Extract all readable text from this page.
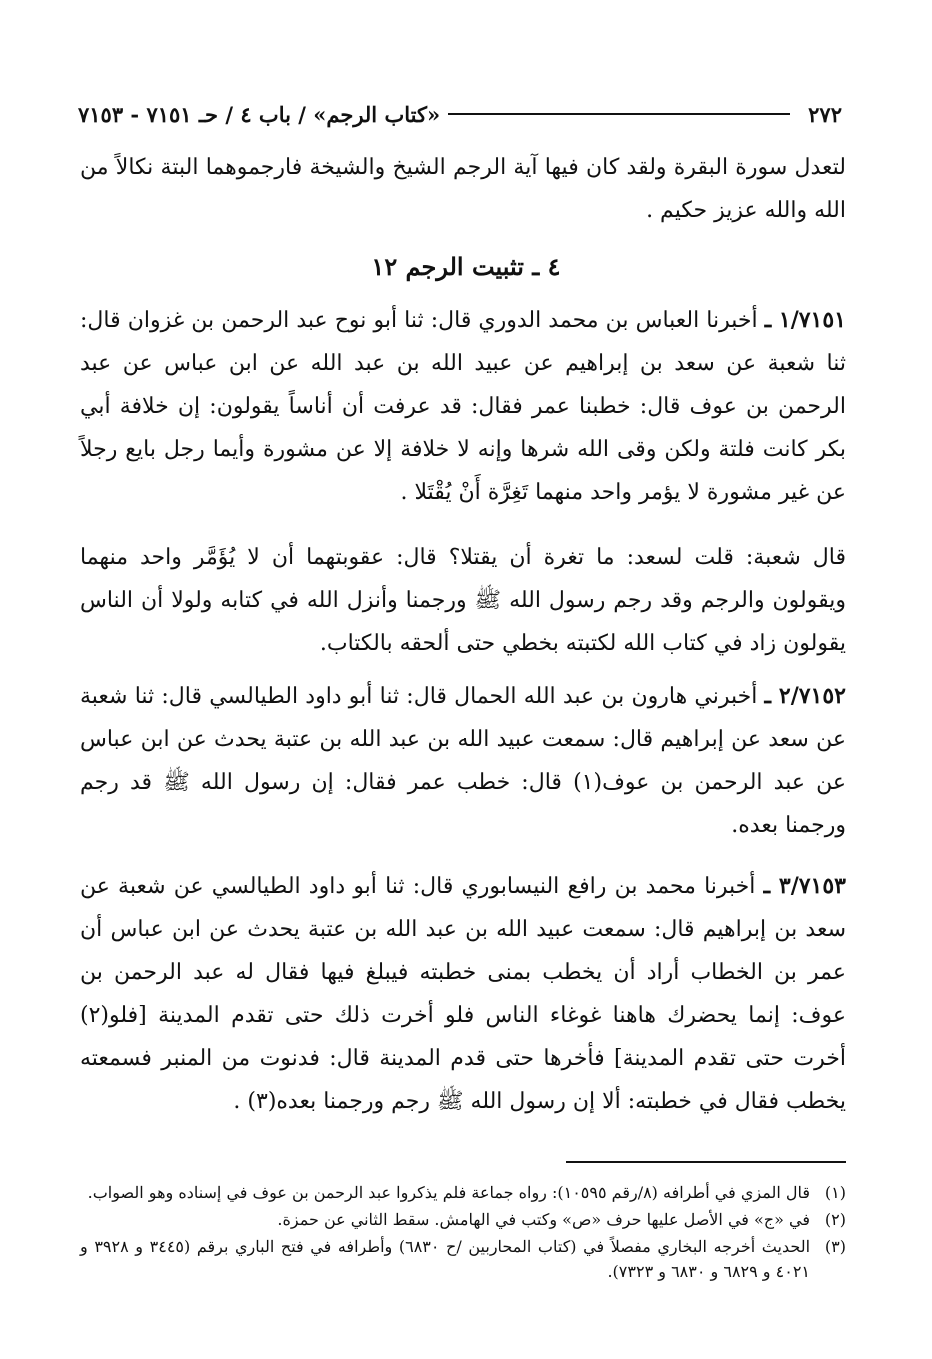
٢٧٢
«كتاب الرجم» / باب ٤ / حـ ٧١٥١ - ٧١٥٣

لتعدل سورة البقرة ولقد كان فيها آية الرجم الشيخ والشيخة فارجموهما البتة نكالاً من الله والله عزيز حكيم .

٤ ـ تثبيت الرجم ١٢

١/٧١٥١ ـ أخبرنا العباس بن محمد الدوري قال: ثنا أبو نوح عبد الرحمن بن غزوان قال: ثنا شعبة عن سعد بن إبراهيم عن عبيد الله بن عبد الله عن ابن عباس عن عبد الرحمن بن عوف قال: خطبنا عمر فقال: قد عرفت أن أناساً يقولون: إن خلافة أبي بكر كانت فلتة ولكن وقى الله شرها وإنه لا خلافة إلا عن مشورة وأيما رجل بايع رجلاً عن غير مشورة لا يؤمر واحد منهما تَغِرَّة أَنْ يُقْتَلا .

قال شعبة: قلت لسعد: ما تغرة أن يقتلا؟ قال: عقوبتهما أن لا يُؤَمَّر واحد منهما ويقولون والرجم وقد رجم رسول الله ﷺ ورجمنا وأنزل الله في كتابه ولولا أن الناس يقولون زاد في كتاب الله لكتبته بخطي حتى ألحقه بالكتاب.

٢/٧١٥٢ ـ أخبرني هارون بن عبد الله الحمال قال: ثنا أبو داود الطيالسي قال: ثنا شعبة عن سعد عن إبراهيم قال: سمعت عبيد الله بن عبد الله بن عتبة يحدث عن ابن عباس عن عبد الرحمن بن عوف(١) قال: خطب عمر فقال: إن رسول الله ﷺ قد رجم ورجمنا بعده.

٣/٧١٥٣ ـ أخبرنا محمد بن رافع النيسابوري قال: ثنا أبو داود الطيالسي عن شعبة عن سعد بن إبراهيم قال: سمعت عبيد الله بن عبد الله بن عتبة يحدث عن ابن عباس أن عمر بن الخطاب أراد أن يخطب بمنى خطبته فيبلغ فيها فقال له عبد الرحمن بن عوف: إنما يحضرك هاهنا غوغاء الناس فلو أخرت ذلك حتى تقدم المدينة [فلو(٢) أخرت حتى تقدم المدينة] فأخرها حتى قدم المدينة قال: فدنوت من المنبر فسمعته يخطب فقال في خطبته: ألا إن رسول الله ﷺ رجم ورجمنا بعده(٣) .

(١)
قال المزي في أطرافه (٨/رقم ١٠٥٩٥): رواه جماعة فلم يذكروا عبد الرحمن بن عوف في إسناده وهو الصواب.
(٢)
في «ج» في الأصل عليها حرف «ص» وكتب في الهامش. سقط الثاني عن حمزة.
(٣)
الحديث أخرجه البخاري مفصلاً في (كتاب المحاربين /ح ٦٨٣٠) وأطرافه في فتح الباري برقم (٣٤٤٥ و ٣٩٢٨ و ٤٠٢١ و ٦٨٢٩ و ٦٨٣٠ و ٧٣٢٣).
